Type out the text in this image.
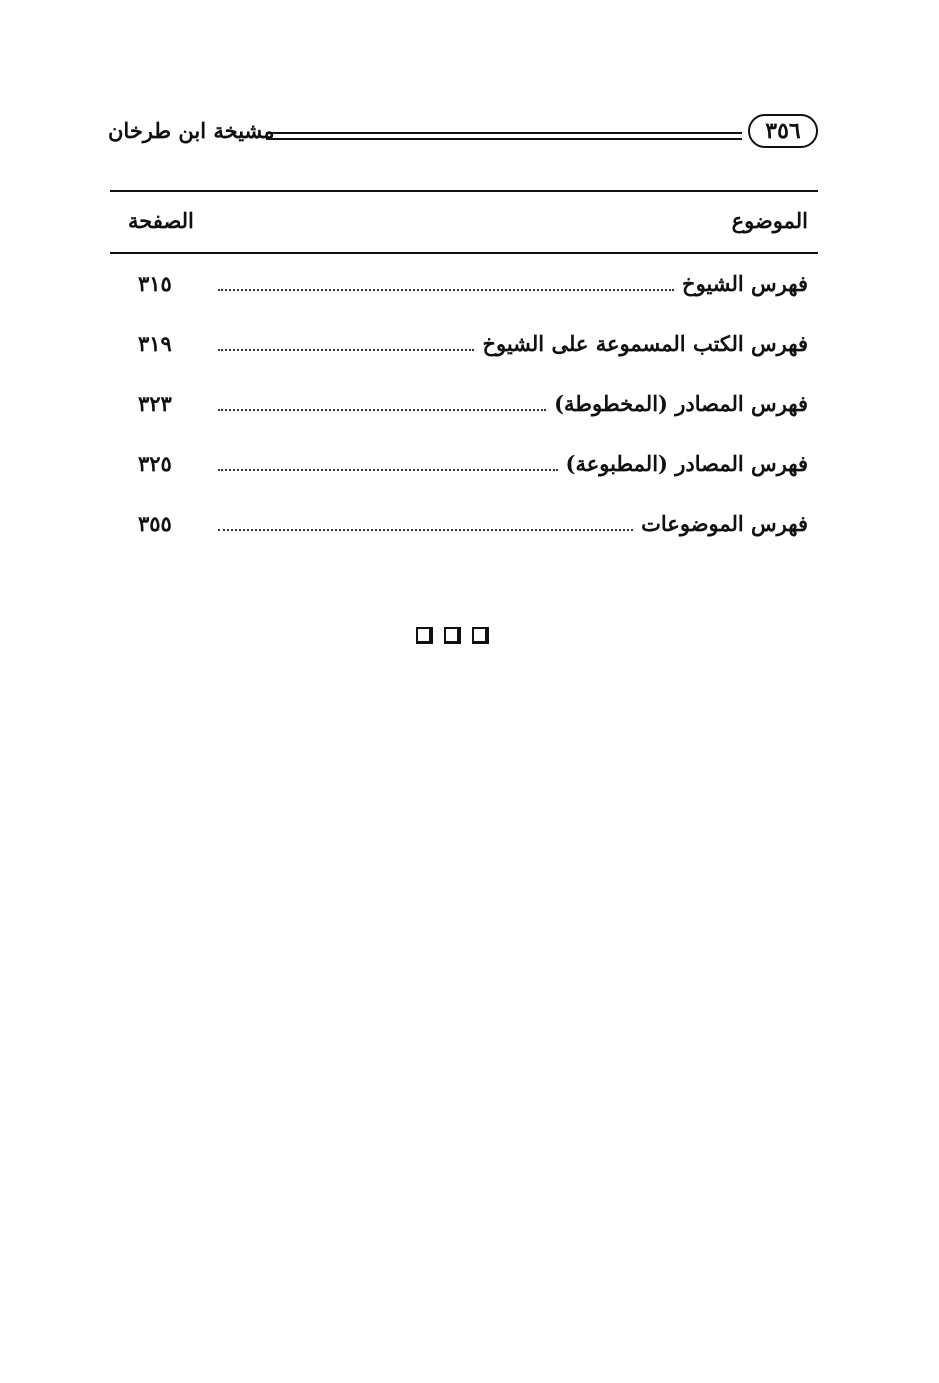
مشيخة ابن طرخان	٣٥٦
الموضوع
الصفحة
فهرس الشيوخ
٣١٥
فهرس الكتب المسموعة على الشيوخ
٣١٩
فهرس المصادر (المخطوطة)
٣٢٣
فهرس المصادر (المطبوعة)
٣٢٥
فهرس الموضوعات
٣٥٥
